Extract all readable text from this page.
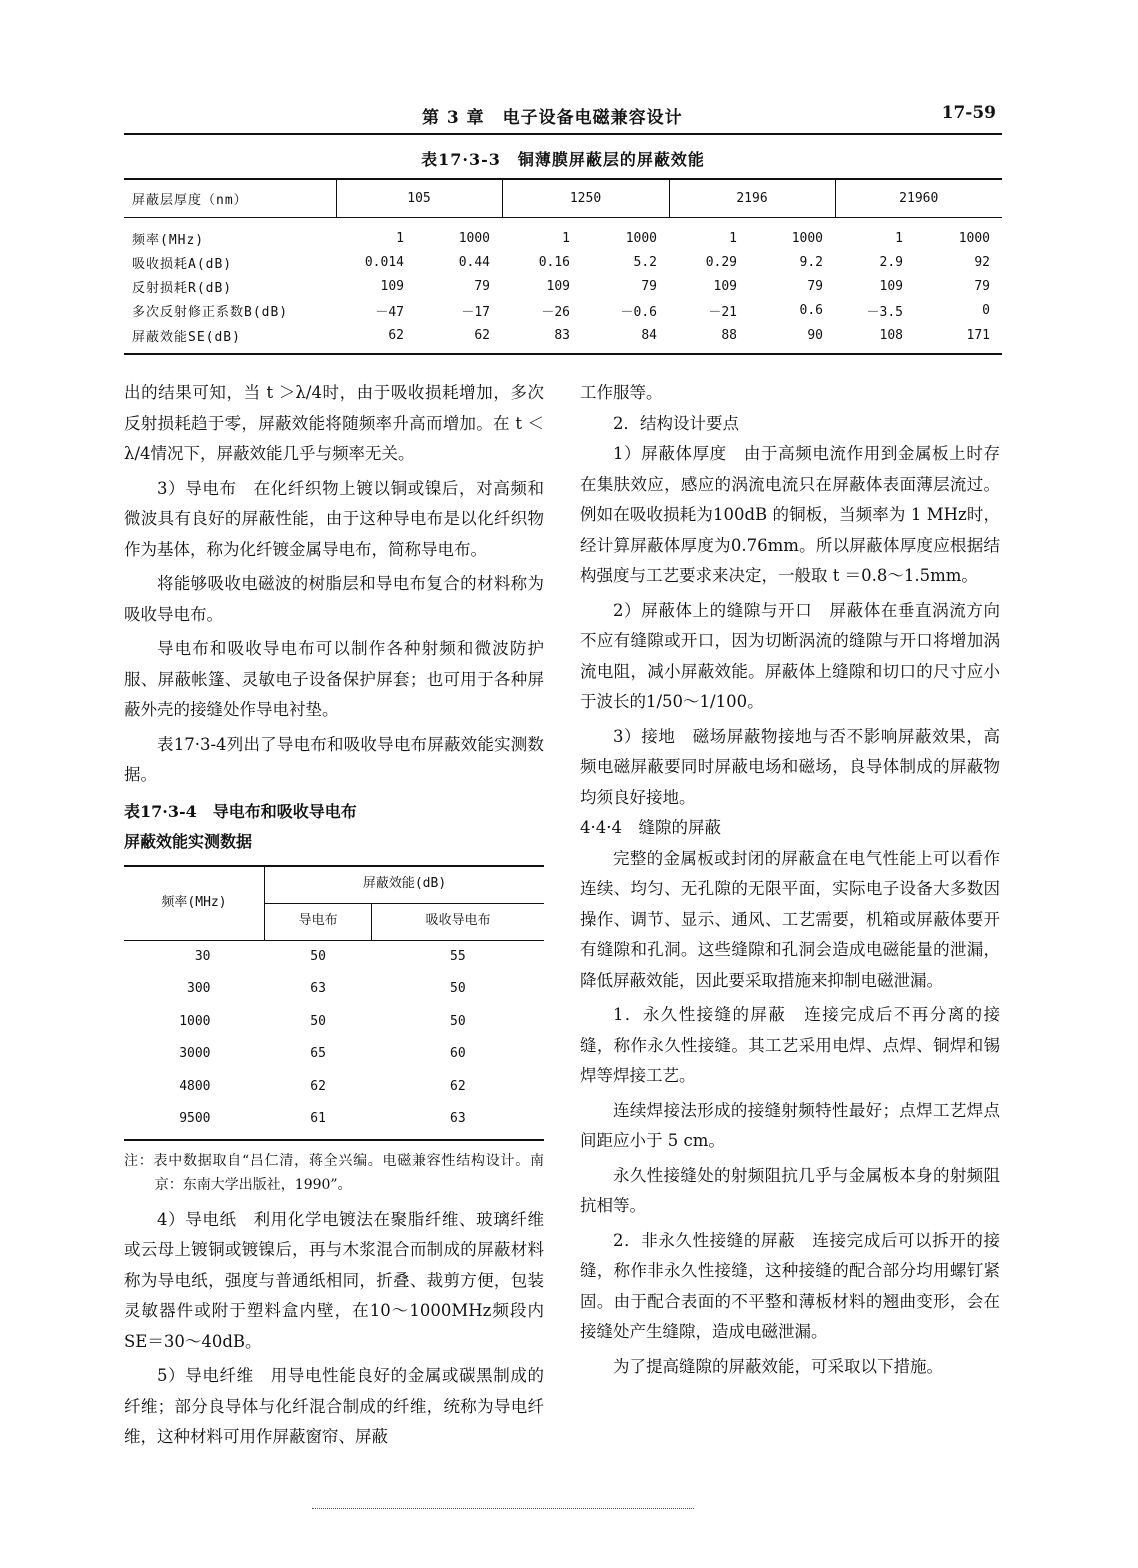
第 3 章　电子设备电磁兼容设计	17-59
表17·3-3　铜薄膜屏蔽层的屏蔽效能
屏蔽层厚度（nm）	105		1250		2196		21960	
频率(MHz)	1	1000	1	1000	1	1000	1	1000
吸收损耗A(dB)	0.014	0.44	0.16	5.2	0.29	9.2	2.9	92
反射损耗R(dB)	109	79	109	79	109	79	109	79
多次反射修正系数B(dB)	－47	－17	－26	－0.6	－21	0.6	－3.5	0
屏蔽效能SE(dB)	62	62	83	84	88	90	108	171

出的结果可知，当 t ＞λ/4时，由于吸收损耗增加，多次反射损耗趋于零，屏蔽效能将随频率升高而增加。在 t ＜λ/4情况下，屏蔽效能几乎与频率无关。

3）导电布　在化纤织物上镀以铜或镍后，对高频和微波具有良好的屏蔽性能，由于这种导电布是以化纤织物作为基体，称为化纤镀金属导电布，简称导电布。

将能够吸收电磁波的树脂层和导电布复合的材料称为吸收导电布。

导电布和吸收导电布可以制作各种射频和微波防护服、屏蔽帐篷、灵敏电子设备保护屏套；也可用于各种屏蔽外壳的接缝处作导电衬垫。

表17·3-4列出了导电布和吸收导电布屏蔽效能实测数据。

表17·3-4　导电布和吸收导电布

屏蔽效能实测数据

频率(MHz)	屏蔽效能(dB)	
	导电布	吸收导电布
30	50	55
300	63	50
1000	50	50
3000	65	60
4800	62	62
9500	61	63

注：表中数据取自“吕仁清，蒋全兴编。电磁兼容性结构设计。南京：东南大学出版社，1990”。

4）导电纸　利用化学电镀法在聚脂纤维、玻璃纤维或云母上镀铜或镀镍后，再与木浆混合而制成的屏蔽材料称为导电纸，强度与普通纸相同，折叠、裁剪方便，包装灵敏器件或附于塑料盒内壁，在10～1000MHz频段内SE＝30～40dB。

5）导电纤维　用导电性能良好的金属或碳黑制成的纤维；部分良导体与化纤混合制成的纤维，统称为导电纤维，这种材料可用作屏蔽窗帘、屏蔽

工作服等。

2．结构设计要点

1）屏蔽体厚度　由于高频电流作用到金属板上时存在集肤效应，感应的涡流电流只在屏蔽体表面薄层流过。例如在吸收损耗为100dB 的铜板，当频率为 1 MHz时，经计算屏蔽体厚度为0.76mm。所以屏蔽体厚度应根据结构强度与工艺要求来决定，一般取 t ＝0.8～1.5mm。

2）屏蔽体上的缝隙与开口　屏蔽体在垂直涡流方向不应有缝隙或开口，因为切断涡流的缝隙与开口将增加涡流电阻，减小屏蔽效能。屏蔽体上缝隙和切口的尺寸应小于波长的1/50～1/100。

3）接地　磁场屏蔽物接地与否不影响屏蔽效果，高频电磁屏蔽要同时屏蔽电场和磁场，良导体制成的屏蔽物均须良好接地。

4·4·4　缝隙的屏蔽

完整的金属板或封闭的屏蔽盒在电气性能上可以看作连续、均匀、无孔隙的无限平面，实际电子设备大多数因操作、调节、显示、通风、工艺需要，机箱或屏蔽体要开有缝隙和孔洞。这些缝隙和孔洞会造成电磁能量的泄漏，降低屏蔽效能，因此要采取措施来抑制电磁泄漏。

1．永久性接缝的屏蔽　连接完成后不再分离的接缝，称作永久性接缝。其工艺采用电焊、点焊、铜焊和锡焊等焊接工艺。

连续焊接法形成的接缝射频特性最好；点焊工艺焊点间距应小于 5 cm。

永久性接缝处的射频阻抗几乎与金属板本身的射频阻抗相等。

2．非永久性接缝的屏蔽　连接完成后可以拆开的接缝，称作非永久性接缝，这种接缝的配合部分均用螺钉紧固。由于配合表面的不平整和薄板材料的翘曲变形，会在接缝处产生缝隙，造成电磁泄漏。

为了提高缝隙的屏蔽效能，可采取以下措施。
